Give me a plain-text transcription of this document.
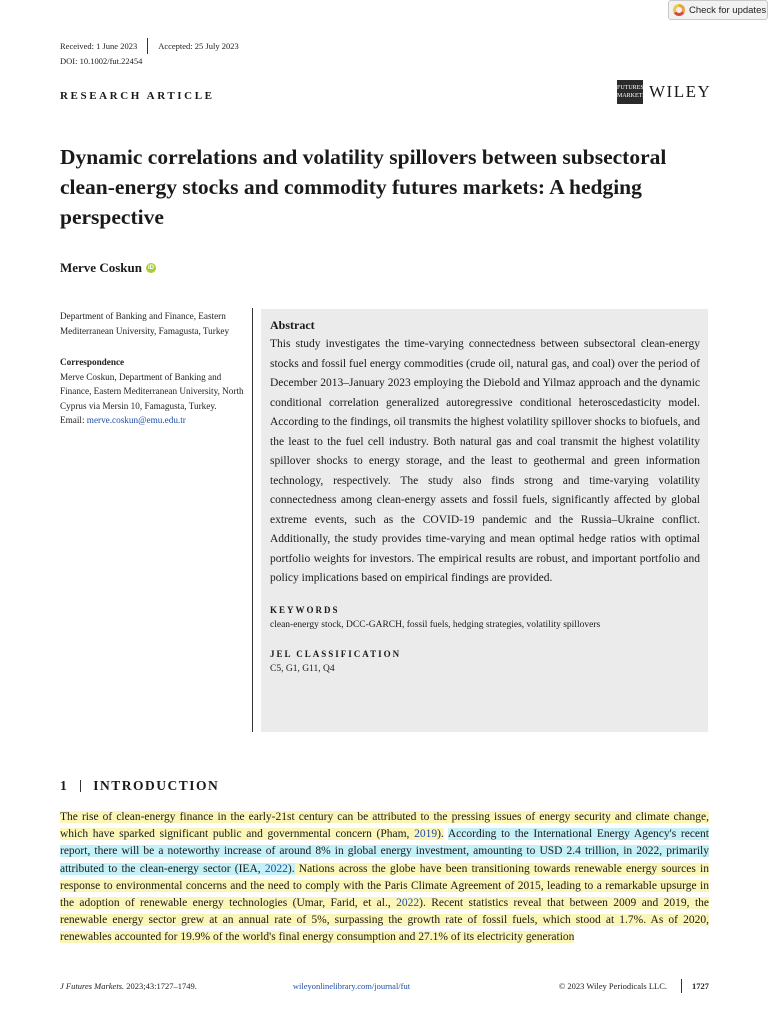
Check for updates
Received: 1 June 2023 Accepted: 25 July 2023
DOI: 10.1002/fut.22454
RESEARCH ARTICLE
FUTURES MARKETS WILEY
Dynamic correlations and volatility spillovers between subsectoral clean-energy stocks and commodity futures markets: A hedging perspective
Merve Coskun	iD
Department of Banking and Finance, Eastern Mediterranean University, Famagusta, Turkey
Correspondence
Merve Coskun, Department of Banking and Finance, Eastern Mediterranean University, North Cyprus via Mersin 10, Famagusta, Turkey.
Email: merve.coskun@emu.edu.tr
Abstract
This study investigates the time-varying connectedness between subsectoral clean-energy stocks and fossil fuel energy commodities (crude oil, natural gas, and coal) over the period of December 2013–January 2023 employing the Diebold and Yilmaz approach and the dynamic conditional correlation generalized autoregressive conditional heteroscedasticity model. According to the findings, oil transmits the highest volatility spillover shocks to biofuels, and the least to the fuel cell industry. Both natural gas and coal transmit the highest volatility spillover shocks to energy storage, and the least to geothermal and green information technology, respectively. The study also finds strong and time-varying volatility connectedness among clean-energy assets and fossil fuels, significantly affected by global extreme events, such as the COVID-19 pandemic and the Russia–Ukraine conflict. Additionally, the study provides time-varying and mean optimal hedge ratios with optimal portfolio weights for investors. The empirical results are robust, and important portfolio and policy implications based on empirical findings are provided.
KEYWORDS
clean-energy stock, DCC-GARCH, fossil fuels, hedging strategies, volatility spillovers
JEL CLASSIFICATION
C5, G1, G11, Q4
1 INTRODUCTION

The rise of clean-energy finance in the early-21st century can be attributed to the pressing issues of energy security and climate change, which have sparked significant public and governmental concern (Pham, 2019). According to the International Energy Agency's recent report, there will be a noteworthy increase of around 8% in global energy investment, amounting to USD 2.4 trillion, in 2022, primarily attributed to the clean-energy sector (IEA, 2022). Nations across the globe have been transitioning towards renewable energy sources in response to environmental concerns and the need to comply with the Paris Climate Agreement of 2015, leading to a remarkable upsurge in the adoption of renewable energy technologies (Umar, Farid, et al., 2022). Recent statistics reveal that between 2009 and 2019, the renewable energy sector grew at an annual rate of 5%, surpassing the growth rate of fossil fuels, which stood at 1.7%. As of 2020, renewables accounted for 19.9% of the world's final energy consumption and 27.1% of its electricity generation

J Futures Markets. 2023;43:1727–1749.	wileyonlinelibrary.com/journal/fut	© 2023 Wiley Periodicals LLC.	1727
